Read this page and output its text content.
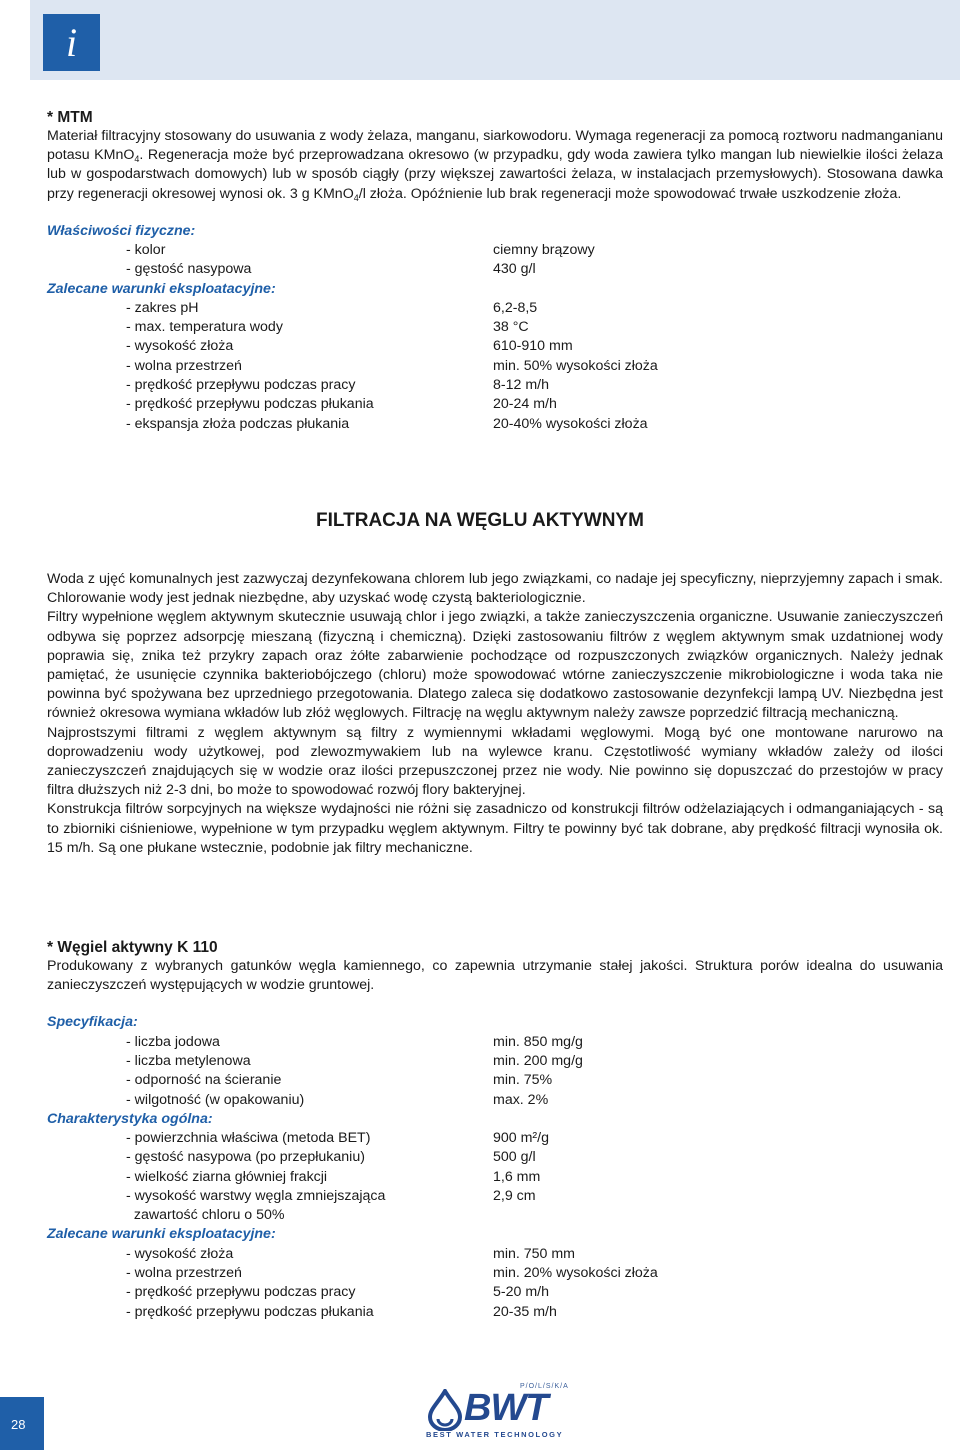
i
* MTM

Materiał filtracyjny stosowany do usuwania z wody żelaza, manganu, siarkowodoru. Wymaga regeneracji za pomocą roztworu nadmanganianu potasu KMnO$_4$. Regeneracja może być przeprowadzana okresowo (w przypadku, gdy woda zawiera tylko mangan lub niewielkie ilości żelaza lub w gospodarstwach domowych) lub w sposób ciągły (przy większej zawartości żelaza, w instalacjach przemysłowych). Stosowana dawka przy regeneracji okresowej wynosi ok. 3 g KMnO$_4$/l złoża. Opóźnienie lub brak regeneracji może spowodować trwałe uszkodzenie złoża.

Właściwości fizyczne:
- kolor	ciemny brązowy
- gęstość nasypowa	430 g/l
Zalecane warunki eksploatacyjne:
- zakres pH	6,2-8,5
- max. temperatura wody	38 °C
- wysokość złoża	610-910 mm
- wolna przestrzeń	min. 50% wysokości złoża
- prędkość przepływu podczas pracy	8-12 m/h
- prędkość przepływu podczas płukania	20-24 m/h
- ekspansja złoża podczas płukania	20-40% wysokości złoża
FILTRACJA NA WĘGLU AKTYWNYM

Woda z ujęć komunalnych jest zazwyczaj dezynfekowana chlorem lub jego związkami, co nadaje jej specyficzny, nieprzyjemny zapach i smak. Chlorowanie wody jest jednak niezbędne, aby uzyskać wodę czystą bakteriologicznie.

Filtry wypełnione węglem aktywnym skutecznie usuwają chlor i jego związki, a także zanieczyszczenia organiczne. Usuwanie zanieczyszczeń odbywa się poprzez adsorpcję mieszaną (fizyczną i chemiczną). Dzięki zastosowaniu filtrów z węglem aktywnym smak uzdatnionej wody poprawia się, znika też przykry zapach oraz żółte zabarwienie pochodzące od rozpuszczonych związków organicznych. Należy jednak pamiętać, że usunięcie czynnika bakteriobójczego (chloru) może spowodować wtórne zanieczyszczenie mikrobiologiczne i woda taka nie powinna być spożywana bez uprzedniego przegotowania. Dlatego zaleca się dodatkowo zastosowanie dezynfekcji lampą UV. Niezbędna jest również okresowa wymiana wkładów lub złóż węglowych. Filtrację na węglu aktywnym należy zawsze poprzedzić filtracją mechaniczną.

Najprostszymi filtrami z węglem aktywnym są filtry z wymiennymi wkładami węglowymi. Mogą być one montowane narurowo na doprowadzeniu wody użytkowej, pod zlewozmywakiem lub na wylewce kranu. Częstotliwość wymiany wkładów zależy od ilości zanieczyszczeń znajdujących się w wodzie oraz ilości przepuszczonej przez nie wody. Nie powinno się dopuszczać do przestojów w pracy filtra dłuższych niż 2-3 dni, bo może to spowodować rozwój flory bakteryjnej.

Konstrukcja filtrów sorpcyjnych na większe wydajności nie różni się zasadniczo od konstrukcji filtrów odżelaziających i odmanganiających - są to zbiorniki ciśnieniowe, wypełnione w tym przypadku węglem aktywnym. Filtry te powinny być tak dobrane, aby prędkość filtracji wynosiła ok. 15 m/h. Są one płukane wstecznie, podobnie jak filtry mechaniczne.

* Węgiel aktywny K 110

Produkowany z wybranych gatunków węgla kamiennego, co zapewnia utrzymanie stałej jakości. Struktura porów idealna do usuwania zanieczyszczeń występujących w wodzie gruntowej.

Specyfikacja:
- liczba jodowa	min. 850 mg/g
- liczba metylenowa	min. 200 mg/g
- odporność na ścieranie	min. 75%
- wilgotność (w opakowaniu)	max. 2%
Charakterystyka ogólna:
- powierzchnia właściwa (metoda BET)	900 m²/g
- gęstość nasypowa (po przepłukaniu)	500 g/l
- wielkość ziarna główniej frakcji	1,6 mm
- wysokość warstwy węgla zmniejszająca	2,9 cm
zawartość chloru o 50%
Zalecane warunki eksploatacyjne:
- wysokość złoża	min. 750 mm
- wolna przestrzeń	min. 20% wysokości złoża
- prędkość przepływu podczas pracy	5-20 m/h
- prędkość przepływu podczas płukania	20-35 m/h
28
P/O/L/S/K/A
BWT
BEST WATER TECHNOLOGY
